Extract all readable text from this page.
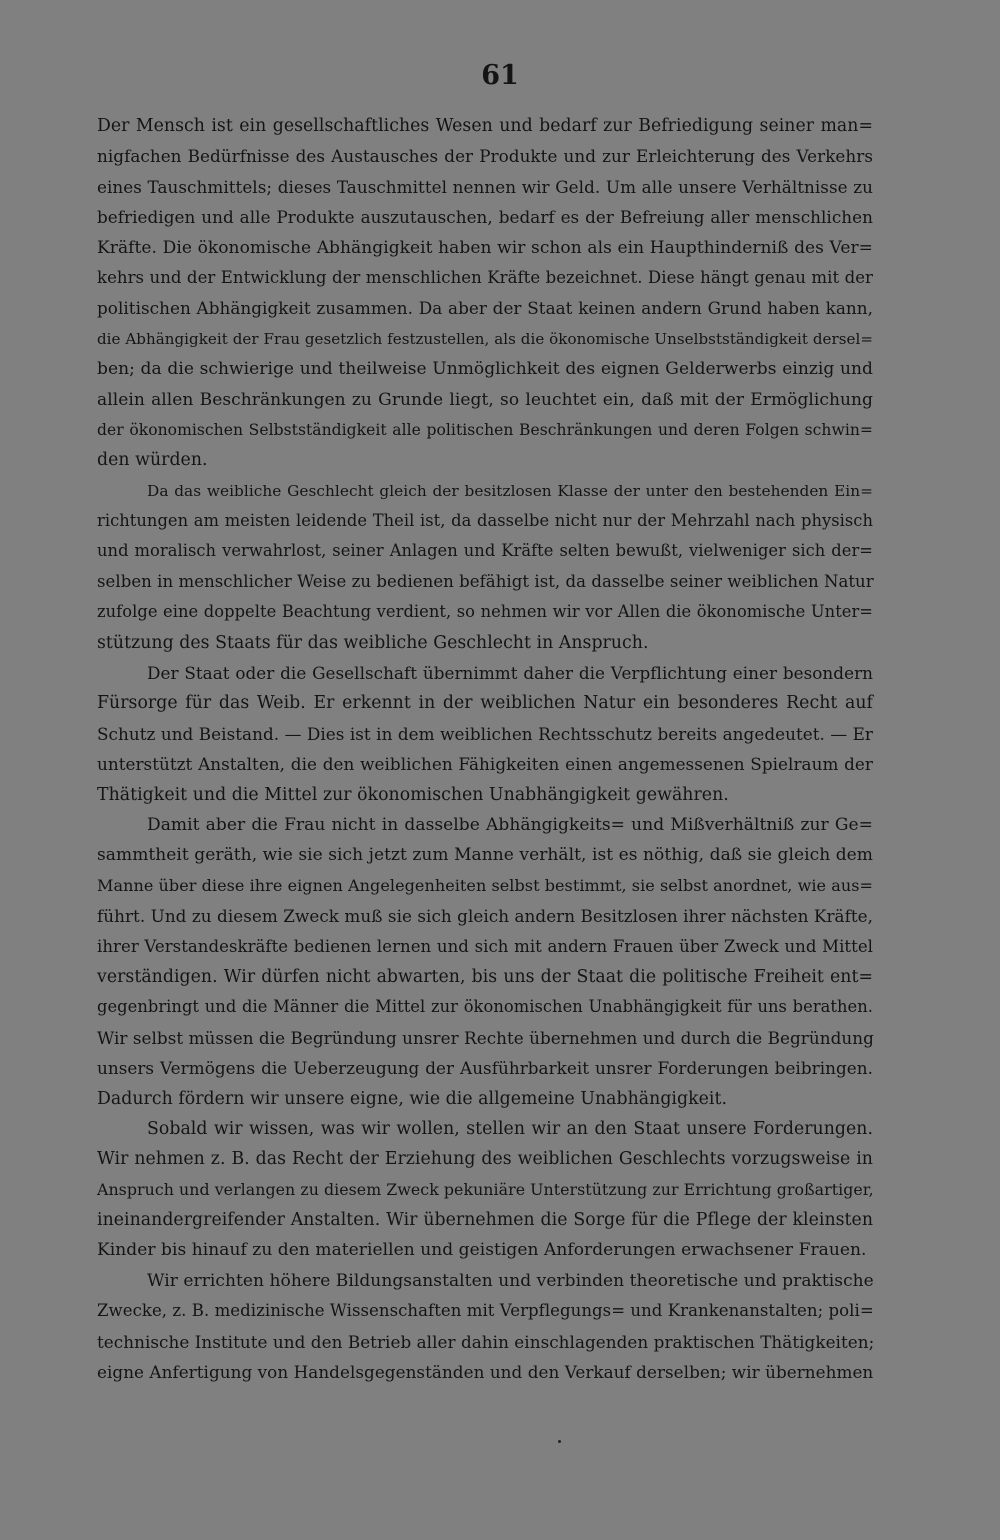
61
Der Mensch ist ein gesellschaftliches Wesen und bedarf zur Befriedigung seiner man=
nigfachen Bedürfnisse des Austausches der Produkte und zur Erleichterung des Verkehrs
eines Tauschmittels; dieses Tauschmittel nennen wir Geld. Um alle unsere Verhältnisse zu
befriedigen und alle Produkte auszutauschen, bedarf es der Befreiung aller menschlichen
Kräfte. Die ökonomische Abhängigkeit haben wir schon als ein Haupthinderniß des Ver=
kehrs und der Entwicklung der menschlichen Kräfte bezeichnet. Diese hängt genau mit der
politischen Abhängigkeit zusammen. Da aber der Staat keinen andern Grund haben kann,
die Abhängigkeit der Frau gesetzlich festzustellen, als die ökonomische Unselbstständigkeit dersel=
ben; da die schwierige und theilweise Unmöglichkeit des eignen Gelderwerbs einzig und
allein allen Beschränkungen zu Grunde liegt, so leuchtet ein, daß mit der Ermöglichung
der ökonomischen Selbstständigkeit alle politischen Beschränkungen und deren Folgen schwin=
den würden.
Da das weibliche Geschlecht gleich der besitzlosen Klasse der unter den bestehenden Ein=
richtungen am meisten leidende Theil ist, da dasselbe nicht nur der Mehrzahl nach physisch
und moralisch verwahrlost, seiner Anlagen und Kräfte selten bewußt, vielweniger sich der=
selben in menschlicher Weise zu bedienen befähigt ist, da dasselbe seiner weiblichen Natur
zufolge eine doppelte Beachtung verdient, so nehmen wir vor Allen die ökonomische Unter=
stützung des Staats für das weibliche Geschlecht in Anspruch.
Der Staat oder die Gesellschaft übernimmt daher die Verpflichtung einer besondern
Fürsorge für das Weib. Er erkennt in der weiblichen Natur ein besonderes Recht auf
Schutz und Beistand. — Dies ist in dem weiblichen Rechtsschutz bereits angedeutet. — Er
unterstützt Anstalten, die den weiblichen Fähigkeiten einen angemessenen Spielraum der
Thätigkeit und die Mittel zur ökonomischen Unabhängigkeit gewähren.
Damit aber die Frau nicht in dasselbe Abhängigkeits= und Mißverhältniß zur Ge=
sammtheit geräth, wie sie sich jetzt zum Manne verhält, ist es nöthig, daß sie gleich dem
Manne über diese ihre eignen Angelegenheiten selbst bestimmt, sie selbst anordnet, wie aus=
führt. Und zu diesem Zweck muß sie sich gleich andern Besitzlosen ihrer nächsten Kräfte,
ihrer Verstandeskräfte bedienen lernen und sich mit andern Frauen über Zweck und Mittel
verständigen. Wir dürfen nicht abwarten, bis uns der Staat die politische Freiheit ent=
gegenbringt und die Männer die Mittel zur ökonomischen Unabhängigkeit für uns berathen.
Wir selbst müssen die Begründung unsrer Rechte übernehmen und durch die Begründung
unsers Vermögens die Ueberzeugung der Ausführbarkeit unsrer Forderungen beibringen.
Dadurch fördern wir unsere eigne, wie die allgemeine Unabhängigkeit.
Sobald wir wissen, was wir wollen, stellen wir an den Staat unsere Forderungen.
Wir nehmen z. B. das Recht der Erziehung des weiblichen Geschlechts vorzugsweise in
Anspruch und verlangen zu diesem Zweck pekuniäre Unterstützung zur Errichtung großartiger,
ineinandergreifender Anstalten. Wir übernehmen die Sorge für die Pflege der kleinsten
Kinder bis hinauf zu den materiellen und geistigen Anforderungen erwachsener Frauen.
Wir errichten höhere Bildungsanstalten und verbinden theoretische und praktische
Zwecke, z. B. medizinische Wissenschaften mit Verpflegungs= und Krankenanstalten; poli=
technische Institute und den Betrieb aller dahin einschlagenden praktischen Thätigkeiten;
eigne Anfertigung von Handelsgegenständen und den Verkauf derselben; wir übernehmen
